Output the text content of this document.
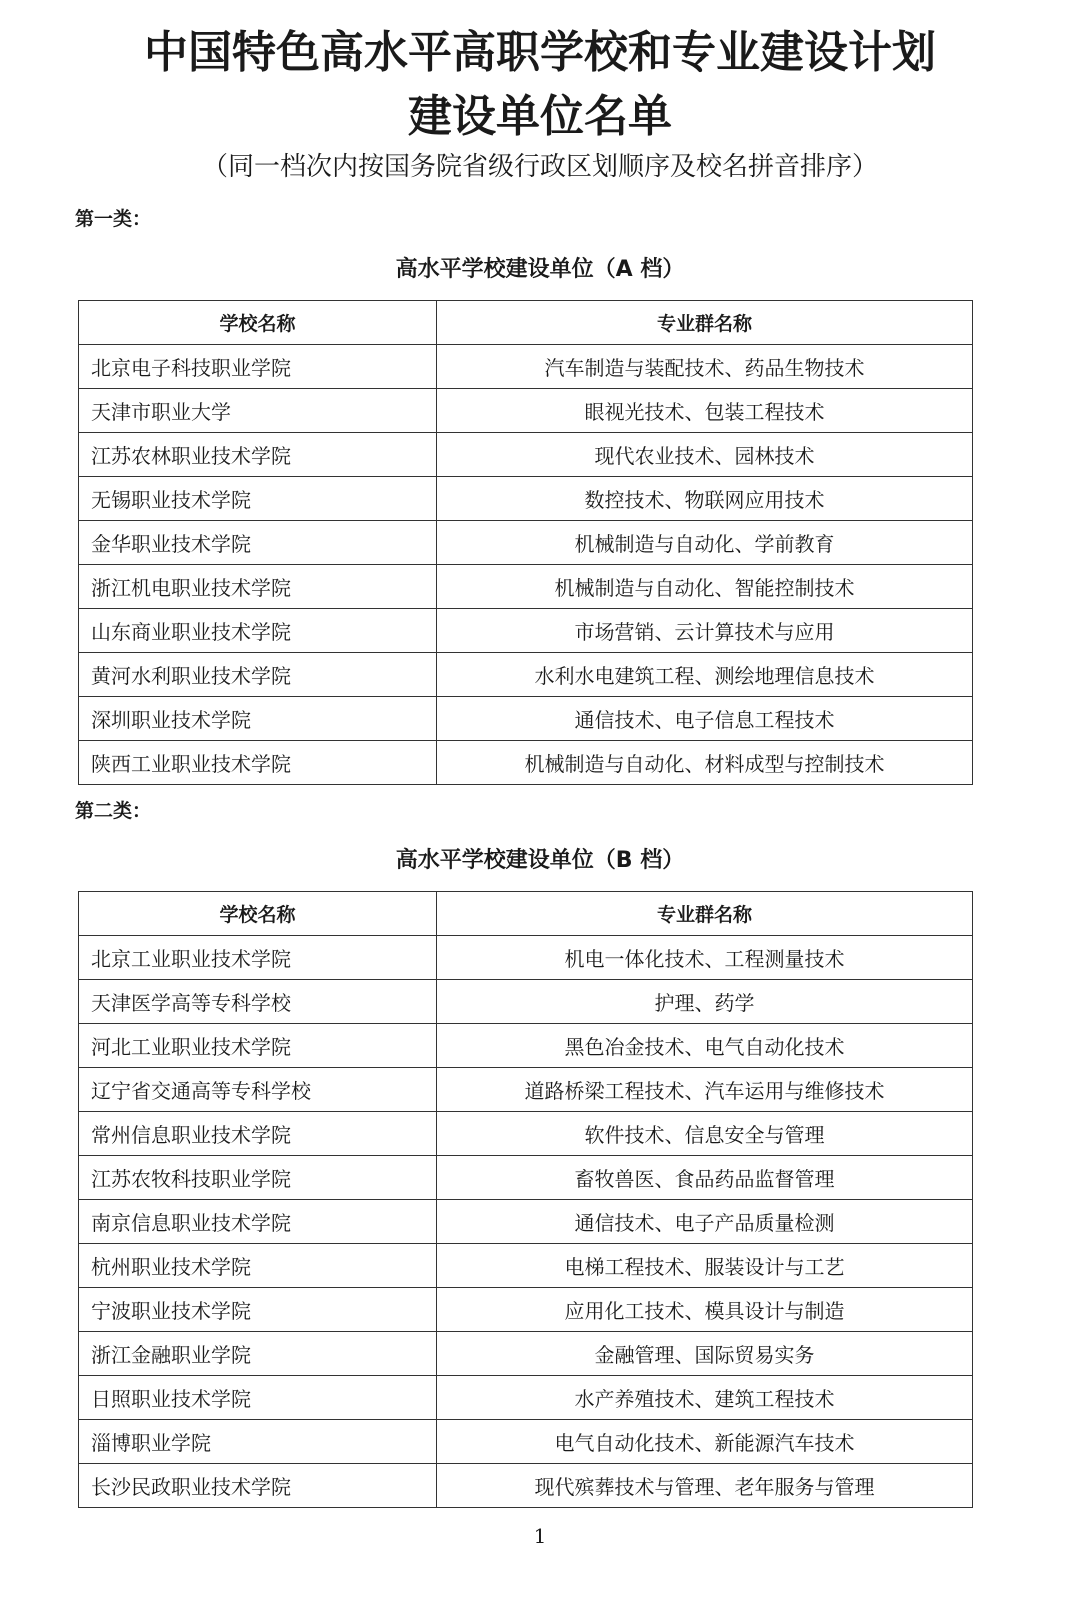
中国特色高水平高职学校和专业建设计划
建设单位名单
（同一档次内按国务院省级行政区划顺序及校名拼音排序）
第一类：
高水平学校建设单位（A 档）
学校名称	专业群名称
北京电子科技职业学院	汽车制造与装配技术、药品生物技术
天津市职业大学	眼视光技术、包装工程技术
江苏农林职业技术学院	现代农业技术、园林技术
无锡职业技术学院	数控技术、物联网应用技术
金华职业技术学院	机械制造与自动化、学前教育
浙江机电职业技术学院	机械制造与自动化、智能控制技术
山东商业职业技术学院	市场营销、云计算技术与应用
黄河水利职业技术学院	水利水电建筑工程、测绘地理信息技术
深圳职业技术学院	通信技术、电子信息工程技术
陕西工业职业技术学院	机械制造与自动化、材料成型与控制技术
第二类：
高水平学校建设单位（B 档）
学校名称	专业群名称
北京工业职业技术学院	机电一体化技术、工程测量技术
天津医学高等专科学校	护理、药学
河北工业职业技术学院	黑色冶金技术、电气自动化技术
辽宁省交通高等专科学校	道路桥梁工程技术、汽车运用与维修技术
常州信息职业技术学院	软件技术、信息安全与管理
江苏农牧科技职业学院	畜牧兽医、食品药品监督管理
南京信息职业技术学院	通信技术、电子产品质量检测
杭州职业技术学院	电梯工程技术、服装设计与工艺
宁波职业技术学院	应用化工技术、模具设计与制造
浙江金融职业学院	金融管理、国际贸易实务
日照职业技术学院	水产养殖技术、建筑工程技术
淄博职业学院	电气自动化技术、新能源汽车技术
长沙民政职业技术学院	现代殡葬技术与管理、老年服务与管理
1
